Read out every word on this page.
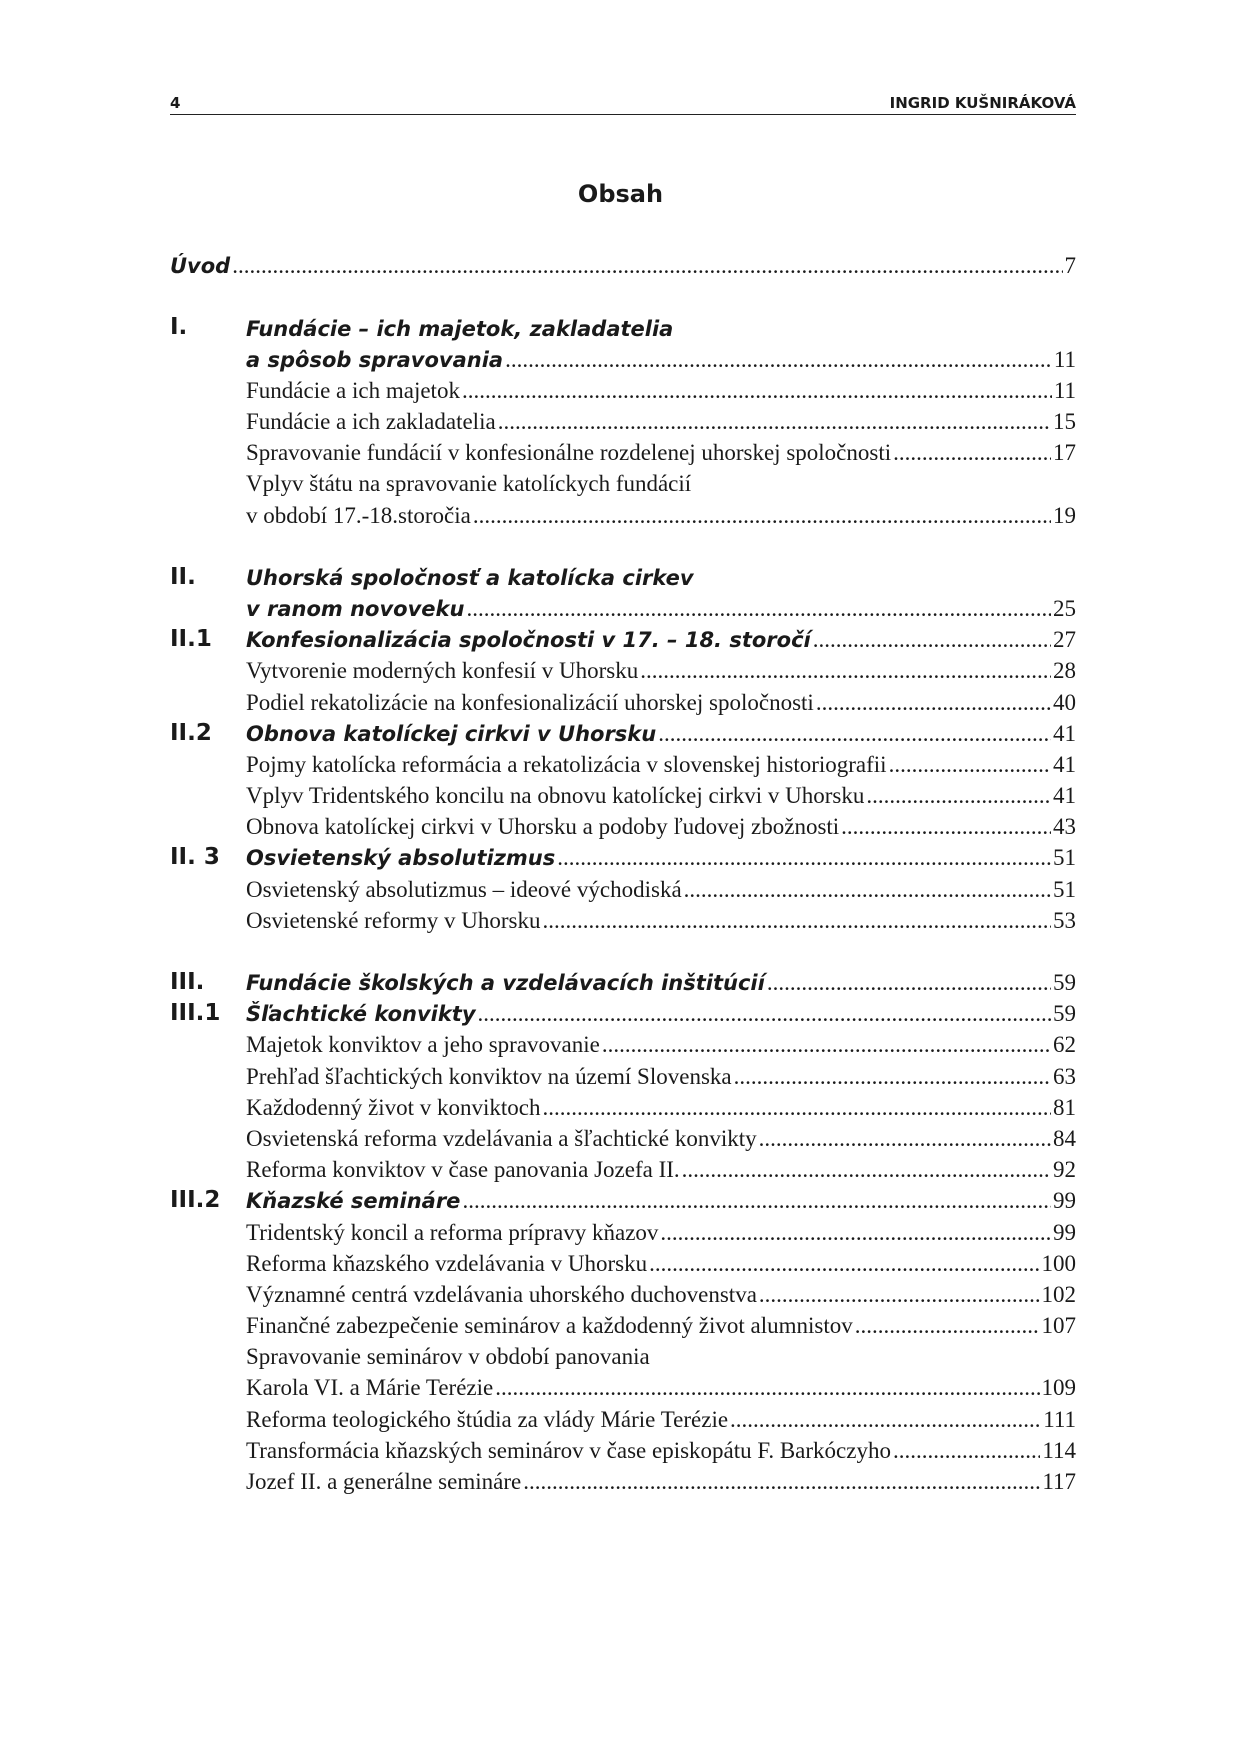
4	INGRID KUŠNIRÁKOVÁ
Obsah
Úvod .....	7
I.	Fundácie – ich majetok, zakladatelia
a spôsob spravovania .....	11
Fundácie a ich majetok .....	11
Fundácie a ich zakladatelia .....	15
Spravovanie fundácií v konfesionálne rozdelenej uhorskej spoločnosti .....	17
Vplyv štátu na spravovanie katolíckych fundácií
v období 17.-18.storočia .....	19
II.	Uhorská spoločnosť a katolícka cirkev
v ranom novoveku .....	25
II.1	Konfesionalizácia spoločnosti v 17. – 18. storočí .....	27
Vytvorenie moderných konfesií v Uhorsku .....	28
Podiel rekatolizácie na konfesionalizácií uhorskej spoločnosti .....	40
II.2	Obnova katolíckej cirkvi v Uhorsku .....	41
Pojmy katolícka reformácia a rekatolizácia v slovenskej historiografii .....	41
Vplyv Tridentského koncilu na obnovu katolíckej cirkvi v Uhorsku .....	41
Obnova katolíckej cirkvi v Uhorsku a podoby ľudovej zbožnosti .....	43
II. 3	Osvietenský absolutizmus .....	51
Osvietenský absolutizmus – ideové východiská .....	51
Osvietenské reformy v Uhorsku .....	53
III.	Fundácie školských a vzdelávacích inštitúcií .....	59
III.1	Šľachtické konvikty .....	59
Majetok konviktov a jeho spravovanie .....	62
Prehľad šľachtických konviktov na území Slovenska .....	63
Každodenný život v konviktoch .....	81
Osvietenská reforma vzdelávania a šľachtické konvikty .....	84
Reforma konviktov v čase panovania Jozefa II. .....	92
III.2	Kňazské semináre .....	99
Tridentský koncil a reforma prípravy kňazov .....	99
Reforma kňazského vzdelávania v Uhorsku .....	100
Významné centrá vzdelávania uhorského duchovenstva .....	102
Finančné zabezpečenie seminárov a každodenný život alumnistov .....	107
Spravovanie seminárov v období panovania
Karola VI. a Márie Terézie .....	109
Reforma teologického štúdia za vlády Márie Terézie .....	111
Transformácia kňazských seminárov v čase episkopátu F. Barkóczyho .....	114
Jozef II. a generálne semináre .....	117
